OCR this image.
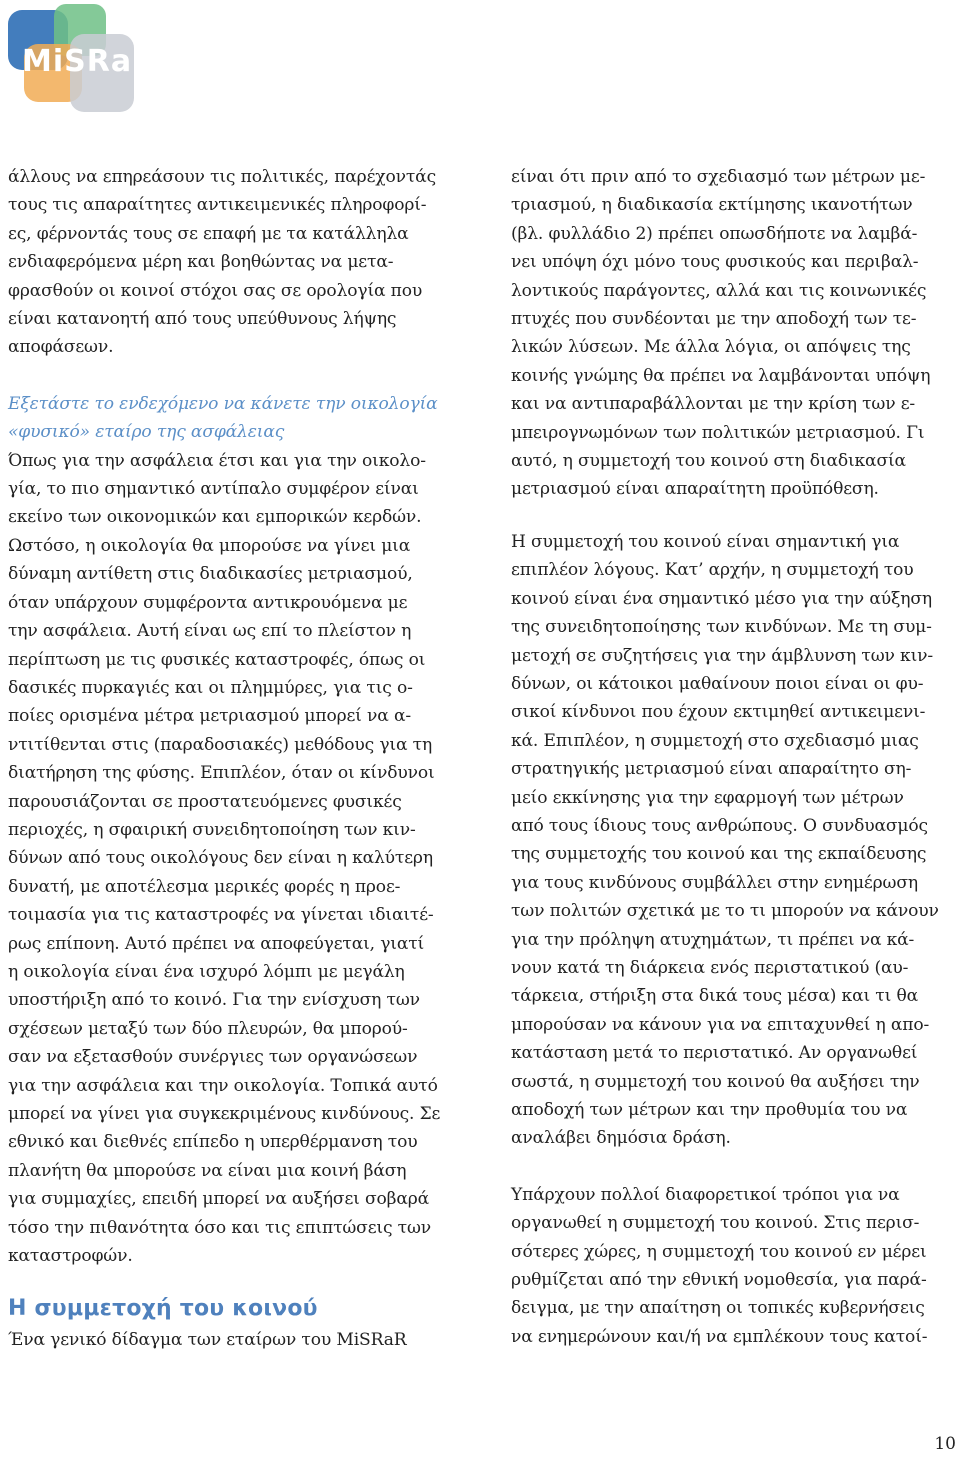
MiSRaR

άλλους να επηρεάσουν τις πολιτικές, παρέχοντάς

τους τις απαραίτητες αντικειμενικές πληροφορί-

ες, φέρνοντάς τους σε επαφή με τα κατάλληλα

ενδιαφερόμενα μέρη και βοηθώντας να μετα-

φρασθούν οι κοινοί στόχοι σας σε ορολογία που

είναι κατανοητή από τους υπεύθυνους λήψης

αποφάσεων.

Εξετάστε το ενδεχόμενο να κάνετε την οικολογία
«φυσικό» εταίρο της ασφάλειας

Όπως για την ασφάλεια έτσι και για την οικολο-

γία, το πιο σημαντικό αντίπαλο συμφέρον είναι

εκείνο των οικονομικών και εμπορικών κερδών.

Ωστόσο, η οικολογία θα μπορούσε να γίνει μια

δύναμη αντίθετη στις διαδικασίες μετριασμού,

όταν υπάρχουν συμφέροντα αντικρουόμενα με

την ασφάλεια. Αυτή είναι ως επί το πλείστον η

περίπτωση με τις φυσικές καταστροφές, όπως οι

δασικές πυρκαγιές και οι πλημμύρες, για τις ο-

ποίες ορισμένα μέτρα μετριασμού μπορεί να α-

ντιτίθενται στις (παραδοσιακές) μεθόδους για τη

διατήρηση της φύσης. Επιπλέον, όταν οι κίνδυνοι

παρουσιάζονται σε προστατευόμενες φυσικές

περιοχές, η σφαιρική συνειδητοποίηση των κιν-

δύνων από τους οικολόγους δεν είναι η καλύτερη

δυνατή, με αποτέλεσμα μερικές φορές η προε-

τοιμασία για τις καταστροφές να γίνεται ιδιαιτέ-

ρως επίπονη. Αυτό πρέπει να αποφεύγεται, γιατί

η οικολογία είναι ένα ισχυρό λόμπι με μεγάλη

υποστήριξη από το κοινό. Για την ενίσχυση των

σχέσεων μεταξύ των δύο πλευρών, θα μπορού-

σαν να εξετασθούν συνέργιες των οργανώσεων

για την ασφάλεια και την οικολογία. Τοπικά αυτό

μπορεί να γίνει για συγκεκριμένους κινδύνους. Σε

εθνικό και διεθνές επίπεδο η υπερθέρμανση του

πλανήτη θα μπορούσε να είναι μια κοινή βάση

για συμμαχίες, επειδή μπορεί να αυξήσει σοβαρά

τόσο την πιθανότητα όσο και τις επιπτώσεις των

καταστροφών.

Η συμμετοχή του κοινού

Ένα γενικό δίδαγμα των εταίρων του MiSRaR

είναι ότι πριν από το σχεδιασμό των μέτρων με-

τριασμού, η διαδικασία εκτίμησης ικανοτήτων

(βλ. φυλλάδιο 2) πρέπει οπωσδήποτε να λαμβά-

νει υπόψη όχι μόνο τους φυσικούς και περιβαλ-

λοντικούς παράγοντες, αλλά και τις κοινωνικές

πτυχές που συνδέονται με την αποδοχή των τε-

λικών λύσεων. Με άλλα λόγια, οι απόψεις της

κοινής γνώμης θα πρέπει να λαμβάνονται υπόψη

και να αντιπαραβάλλονται με την κρίση των ε-

μπειρογνωμόνων των πολιτικών μετριασμού. Γι

αυτό, η συμμετοχή του κοινού στη διαδικασία

μετριασμού είναι απαραίτητη προϋπόθεση.

Η συμμετοχή του κοινού είναι σημαντική για

επιπλέον λόγους. Κατ’ αρχήν, η συμμετοχή του

κοινού είναι ένα σημαντικό μέσο για την αύξηση

της συνειδητοποίησης των κινδύνων. Με τη συμ-

μετοχή σε συζητήσεις για την άμβλυνση των κιν-

δύνων, οι κάτοικοι μαθαίνουν ποιοι είναι οι φυ-

σικοί κίνδυνοι που έχουν εκτιμηθεί αντικειμενι-

κά. Επιπλέον, η συμμετοχή στο σχεδιασμό μιας

στρατηγικής μετριασμού είναι απαραίτητο ση-

μείο εκκίνησης για την εφαρμογή των μέτρων

από τους ίδιους τους ανθρώπους. Ο συνδυασμός

της συμμετοχής του κοινού και της εκπαίδευσης

για τους κινδύνους συμβάλλει στην ενημέρωση

των πολιτών σχετικά με το τι μπορούν να κάνουν

για την πρόληψη ατυχημάτων, τι πρέπει να κά-

νουν κατά τη διάρκεια ενός περιστατικού (αυ-

τάρκεια, στήριξη στα δικά τους μέσα) και τι θα

μπορούσαν να κάνουν για να επιταχυνθεί η απο-

κατάσταση μετά το περιστατικό. Αν οργανωθεί

σωστά, η συμμετοχή του κοινού θα αυξήσει την

αποδοχή των μέτρων και την προθυμία του να

αναλάβει δημόσια δράση.

Υπάρχουν πολλοί διαφορετικοί τρόποι για να

οργανωθεί η συμμετοχή του κοινού. Στις περισ-

σότερες χώρες, η συμμετοχή του κοινού εν μέρει

ρυθμίζεται από την εθνική νομοθεσία, για παρά-

δειγμα, με την απαίτηση οι τοπικές κυβερνήσεις

να ενημερώνουν και/ή να εμπλέκουν τους κατοί-

10
